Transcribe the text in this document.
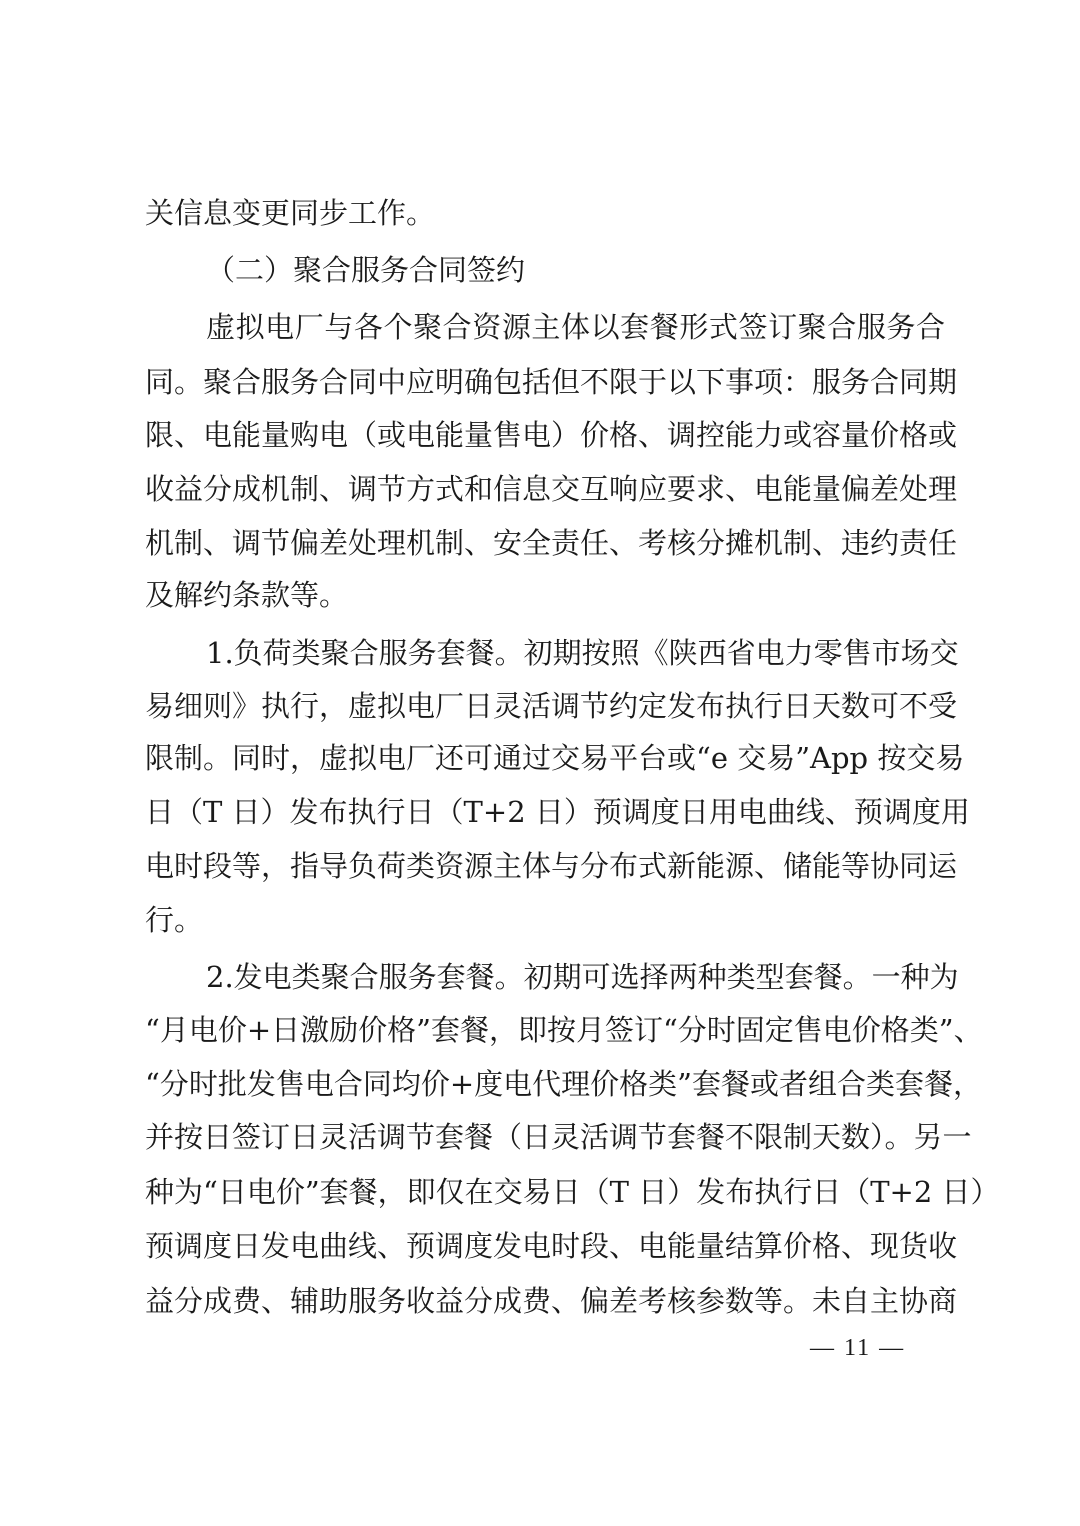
关信息变更同步工作。
（二）聚合服务合同签约
虚拟电厂与各个聚合资源主体以套餐形式签订聚合服务合
同。聚合服务合同中应明确包括但不限于以下事项：服务合同期
限、电能量购电（或电能量售电）价格、调控能力或容量价格或
收益分成机制、调节方式和信息交互响应要求、电能量偏差处理
机制、调节偏差处理机制、安全责任、考核分摊机制、违约责任
及解约条款等。
1.负荷类聚合服务套餐。初期按照《陕西省电力零售市场交
易细则》执行，虚拟电厂日灵活调节约定发布执行日天数可不受
限制。同时，虚拟电厂还可通过交易平台或“e 交易”App 按交易
日（T 日）发布执行日（T+2 日）预调度日用电曲线、预调度用
电时段等，指导负荷类资源主体与分布式新能源、储能等协同运
行。
2.发电类聚合服务套餐。初期可选择两种类型套餐。一种为
“月电价+日激励价格”套餐，即按月签订“分时固定售电价格类”、
“分时批发售电合同均价+度电代理价格类”套餐或者组合类套餐，
并按日签订日灵活调节套餐（日灵活调节套餐不限制天数）。另一
种为“日电价”套餐，即仅在交易日（T 日）发布执行日（T+2 日）
预调度日发电曲线、预调度发电时段、电能量结算价格、现货收
益分成费、辅助服务收益分成费、偏差考核参数等。未自主协商
— 11 —
